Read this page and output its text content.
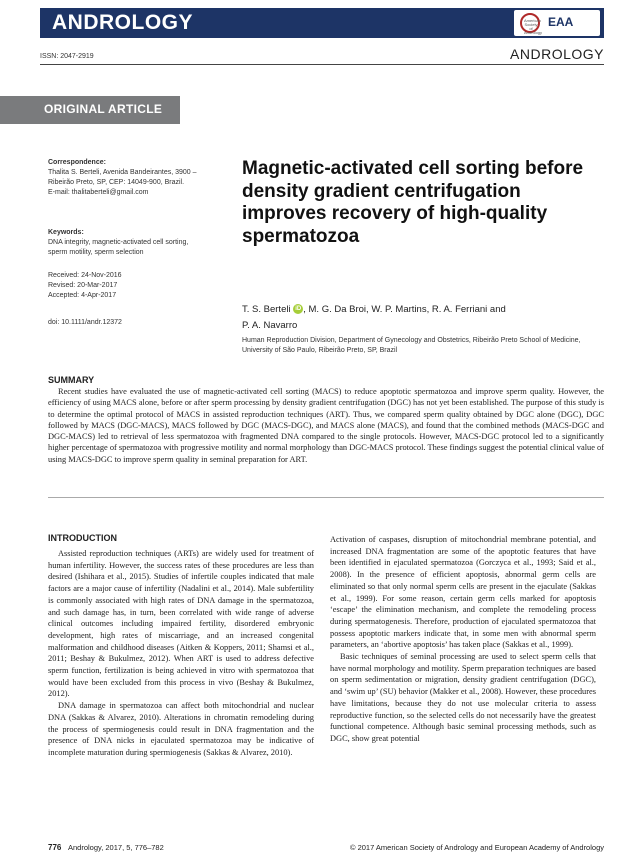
ANDROLOGY	American Society of Andrology
EAA
ISSN: 2047-2919	ANDROLOGY
ORIGINAL ARTICLE
Correspondence:
Thalita S. Berteli, Avenida Bandeirantes, 3900 –
Ribeirão Preto, SP, CEP: 14049-900, Brazil.
E-mail: thalitaberteli@gmail.com
Keywords:
DNA integrity, magnetic-activated cell sorting,
sperm motility, sperm selection
Received: 24-Nov-2016
Revised: 20-Mar-2017
Accepted: 4-Apr-2017
doi: 10.1111/andr.12372
Magnetic-activated cell sorting before density gradient centrifugation improves recovery of high-quality spermatozoa
T. S. Berteli iD , M. G. Da Broi, W. P. Martins, R. A. Ferriani and
P. A. Navarro
Human Reproduction Division, Department of Gynecology and Obstetrics, Ribeirão Preto School of Medicine, University of São Paulo, Ribeirão Preto, SP, Brazil
SUMMARY
Recent studies have evaluated the use of magnetic-activated cell sorting (MACS) to reduce apoptotic spermatozoa and improve sperm quality. However, the efficiency of using MACS alone, before or after sperm processing by density gradient centrifugation (DGC) has not yet been established. The purpose of this study is to determine the optimal protocol of MACS in assisted reproduction techniques (ART). Thus, we compared sperm quality obtained by DGC alone (DGC), DGC followed by MACS (DGC-MACS), MACS followed by DGC (MACS-DGC), and MACS alone (MACS), and found that the combined methods (MACS-DGC and DGC-MACS) led to retrieval of less spermatozoa with fragmented DNA compared to the single protocols. However, MACS-DGC protocol led to a significantly higher percentage of spermatozoa with progressive motility and normal morphology than DGC-MACS protocol. These findings suggest the potential clinical value of using MACS-DGC to improve sperm quality in seminal preparation for ART.
INTRODUCTION

Assisted reproduction techniques (ARTs) are widely used for treatment of human infertility. However, the success rates of these procedures are less than desired (Ishihara et al., 2015). Studies of infertile couples indicated that male factors are a major cause of infertility (Nadalini et al., 2014). Male subfertility is commonly associated with high rates of DNA damage in the spermatozoa, and such damage has, in turn, been correlated with wide range of adverse clinical outcomes including impaired fertility, disordered embryonic development, high rates of miscarriage, and an increased congenital malformation and childhood diseases (Aitken & Koppers, 2011; Shamsi et al., 2011; Beshay & Bukulmez, 2012). When ART is used to address defective sperm function, fertilization is being achieved in vitro with spermatozoa that would have been excluded from this process in vivo (Beshay & Bukulmez, 2012).

DNA damage in spermatozoa can affect both mitochondrial and nuclear DNA (Sakkas & Alvarez, 2010). Alterations in chromatin remodeling during the process of spermiogenesis could result in DNA fragmentation and the presence of DNA nicks in ejaculated spermatozoa may be indicative of incomplete maturation during spermiogenesis (Sakkas & Alvarez, 2010).

Activation of caspases, disruption of mitochondrial membrane potential, and increased DNA fragmentation are some of the apoptotic features that have been identified in ejaculated spermatozoa (Gorczyca et al., 1993; Said et al., 2008). In the presence of efficient apoptosis, abnormal germ cells are eliminated so that only normal sperm cells are present in the ejaculate (Sakkas et al., 1999). For some reason, certain germ cells marked for apoptosis ‘escape’ the elimination mechanism, and complete the remodeling process during spermatogenesis. Therefore, production of ejaculated spermatozoa that possess apoptotic markers indicate that, in some men with abnormal sperm parameters, an ‘abortive apoptosis’ has taken place (Sakkas et al., 1999).

Basic techniques of seminal processing are used to select sperm cells that have normal morphology and motility. Sperm preparation techniques are based on sperm sedimentation or migration, density gradient centrifugation (DGC), and ‘swim up’ (SU) behavior (Makker et al., 2008). However, these procedures have limitations, because they do not use molecular criteria to assess reproductive function, so the selected cells do not necessarily have the greatest functional competence. Although basic seminal processing methods, such as DGC, show great potential

776 Andrology, 2017, 5, 776–782	© 2017 American Society of Andrology and European Academy of Andrology
